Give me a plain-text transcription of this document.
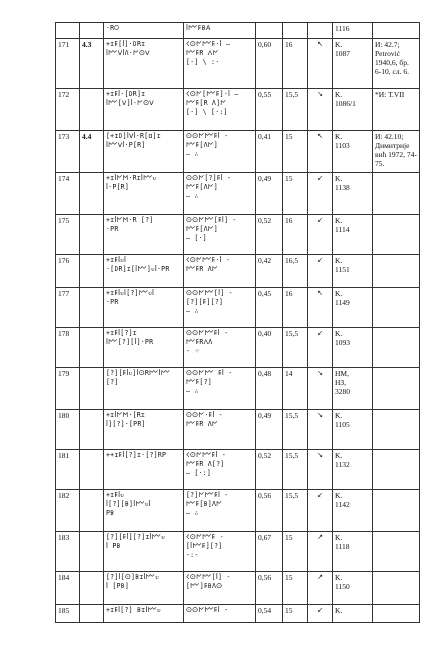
		·R𐊒	ꟾ𐌌𐌄𐌁𐌀				1116	

171	4.3	+ɪ𐌄[ꟾ]·𐌃Rɪ
ꟾ𐌌ⅤꟾɅ·𐌍𐌏Ⅴ	𐌂𐌏𐌍𐌌𐌄·ꟾ –
𐌌𐌄R ꓥ𐌍
[·] \ :·	0,60	16	↖	K.
1087	И: 42.7;
Petrović
1940,6, бр.
6-10, сл. 6.

172		+ɪ𐌄ꟾ·[𐌃R]ɪ
ꟾ𐌌[Ⅴ]ꟾ·𐌍𐌏Ⅴ	𐌂𐌏𐌍[𐌌𐌄]·ꟾ –
𐌌𐌄[R Λ]𐌍
[·] \ [·:]	0,55	15,5	↘	K.
1086/1	*И: Т.VII

173	4.4	[+ɪ𐌃]ꟾⅤꟾ·R[ɑ]ɪ
ꟾ𐌌Ⅴꟾ·P[R]	𐌏𐌏𐌍𐌌𐌄ꟾ -
𐌌𐌄[Λ𐌍]
– ∴	0,41	15	↖	K.
1103	И: 42.10;
Димитрије
вић 1972, 74-
75.

174		+ɪꟾ𐌍𐌑·Rɪꟾ𐌌ᴜ
ꟾ·P[R]	𐌏𐌏𐌍[?]𐌄ꟾ -
𐌌𐌄[Λ𐌍]
– ∴	0,49	15	↙	K.
1138	

175		+ɪꟾ𐌍𐌑·R [?]
·PR	𐌏𐌏𐌍𐌌[𐌄ꟾ] -
𐌌𐌄[Λ𐌍]
– [·]	0,52	16	↙	K.
1114	

176		+ɪ𐌄ꟾᴜꟾ
·[𐌃R]ɪ[ꟾ𐌌]ᴜꟾ·PR	𐌂𐌏𐌍𐌌𐌄·ꟾ -
𐌌𐌄R Λ𐌍	0,42	16,5	↙	K.
1151	

177		+ɪ𐌄ꟾᴜꟾ[?]𐌌ᴜꟾ
·PR	𐌏𐌏𐌍𐌌[ꟾ] -
[?][𐌄][?]
– ∴	0,45	16	↖	K.
1149	

178		+ɪ𐌄ꟾ[?]ɪ
ꟾ𐌌[?][ꟾ]·PR	𐌏𐌏𐌍𐌌𐌄ꟾ -
𐌌𐌄RꓥΛ
- ⁘	0,40	15,5	↙	K.
1093	

179		[?][𐌄ꟾᴜ]ꟾ𐌏R𐌌ꟾ𐌌
[?]	𐌏𐌏𐌍𐌌 𐌄ꟾ -
𐌌𐌄[?]
– ∴	0,48	14	↘	НМ,
НЗ,
3280	

180		+ɪꟾ𐌍𐌑·[Rɪ
ꟾ][?]·[PR]	𐌏𐌏𐌍·𐌄ꟾ -
𐌌𐌄R Λ𐌍	0,49	15,5	↘	K.
1105	

181		++ɪ𐌄ꟾ[?]ɪ·[?]RP	𐌂𐌏𐌍𐌌𐌄ꟾ -
𐌌𐌄R Λ[?]
– [·:]	0,52	15,5	↘	K.
1132	

182		+ɪ𐌄ꟾᴜ
ꟾ[?][𐌁]ꟾ𐌌ᴜꟾ
P𐌁	[?]𐌍𐌌𐌄ꟾ -
𐌌𐌄[𐌁]Λ𐌍
– ∴	0,56	15,5	↙	K.
1142	

183		[?][𐌄ꟾ][?]ɪꟾ𐌌ᴜ
ꟾ P𐌁	𐌂𐌏𐌍𐌌𐌄 -
[ꟾ𐌌𐌄][?]
-:-	0,67	15	↗	K.
1118	

184		[?]ꟾ[𐌏]𐌁ɪꟾ𐌌ᴜ
ꟾ [P𐌁]	𐌂𐌏𐌍𐌌[ꟾ] -
[𐌌]𐌄𐌁Λ𐌏	0,56	15	↗	K.
1150	

185		+ɪ𐌄ꟾ[?] 𐌁ɪꟾ𐌌ᴜ	𐌏𐌏𐌍𐌌𐌄ꟾ -	0,54	15	↙	K.	
